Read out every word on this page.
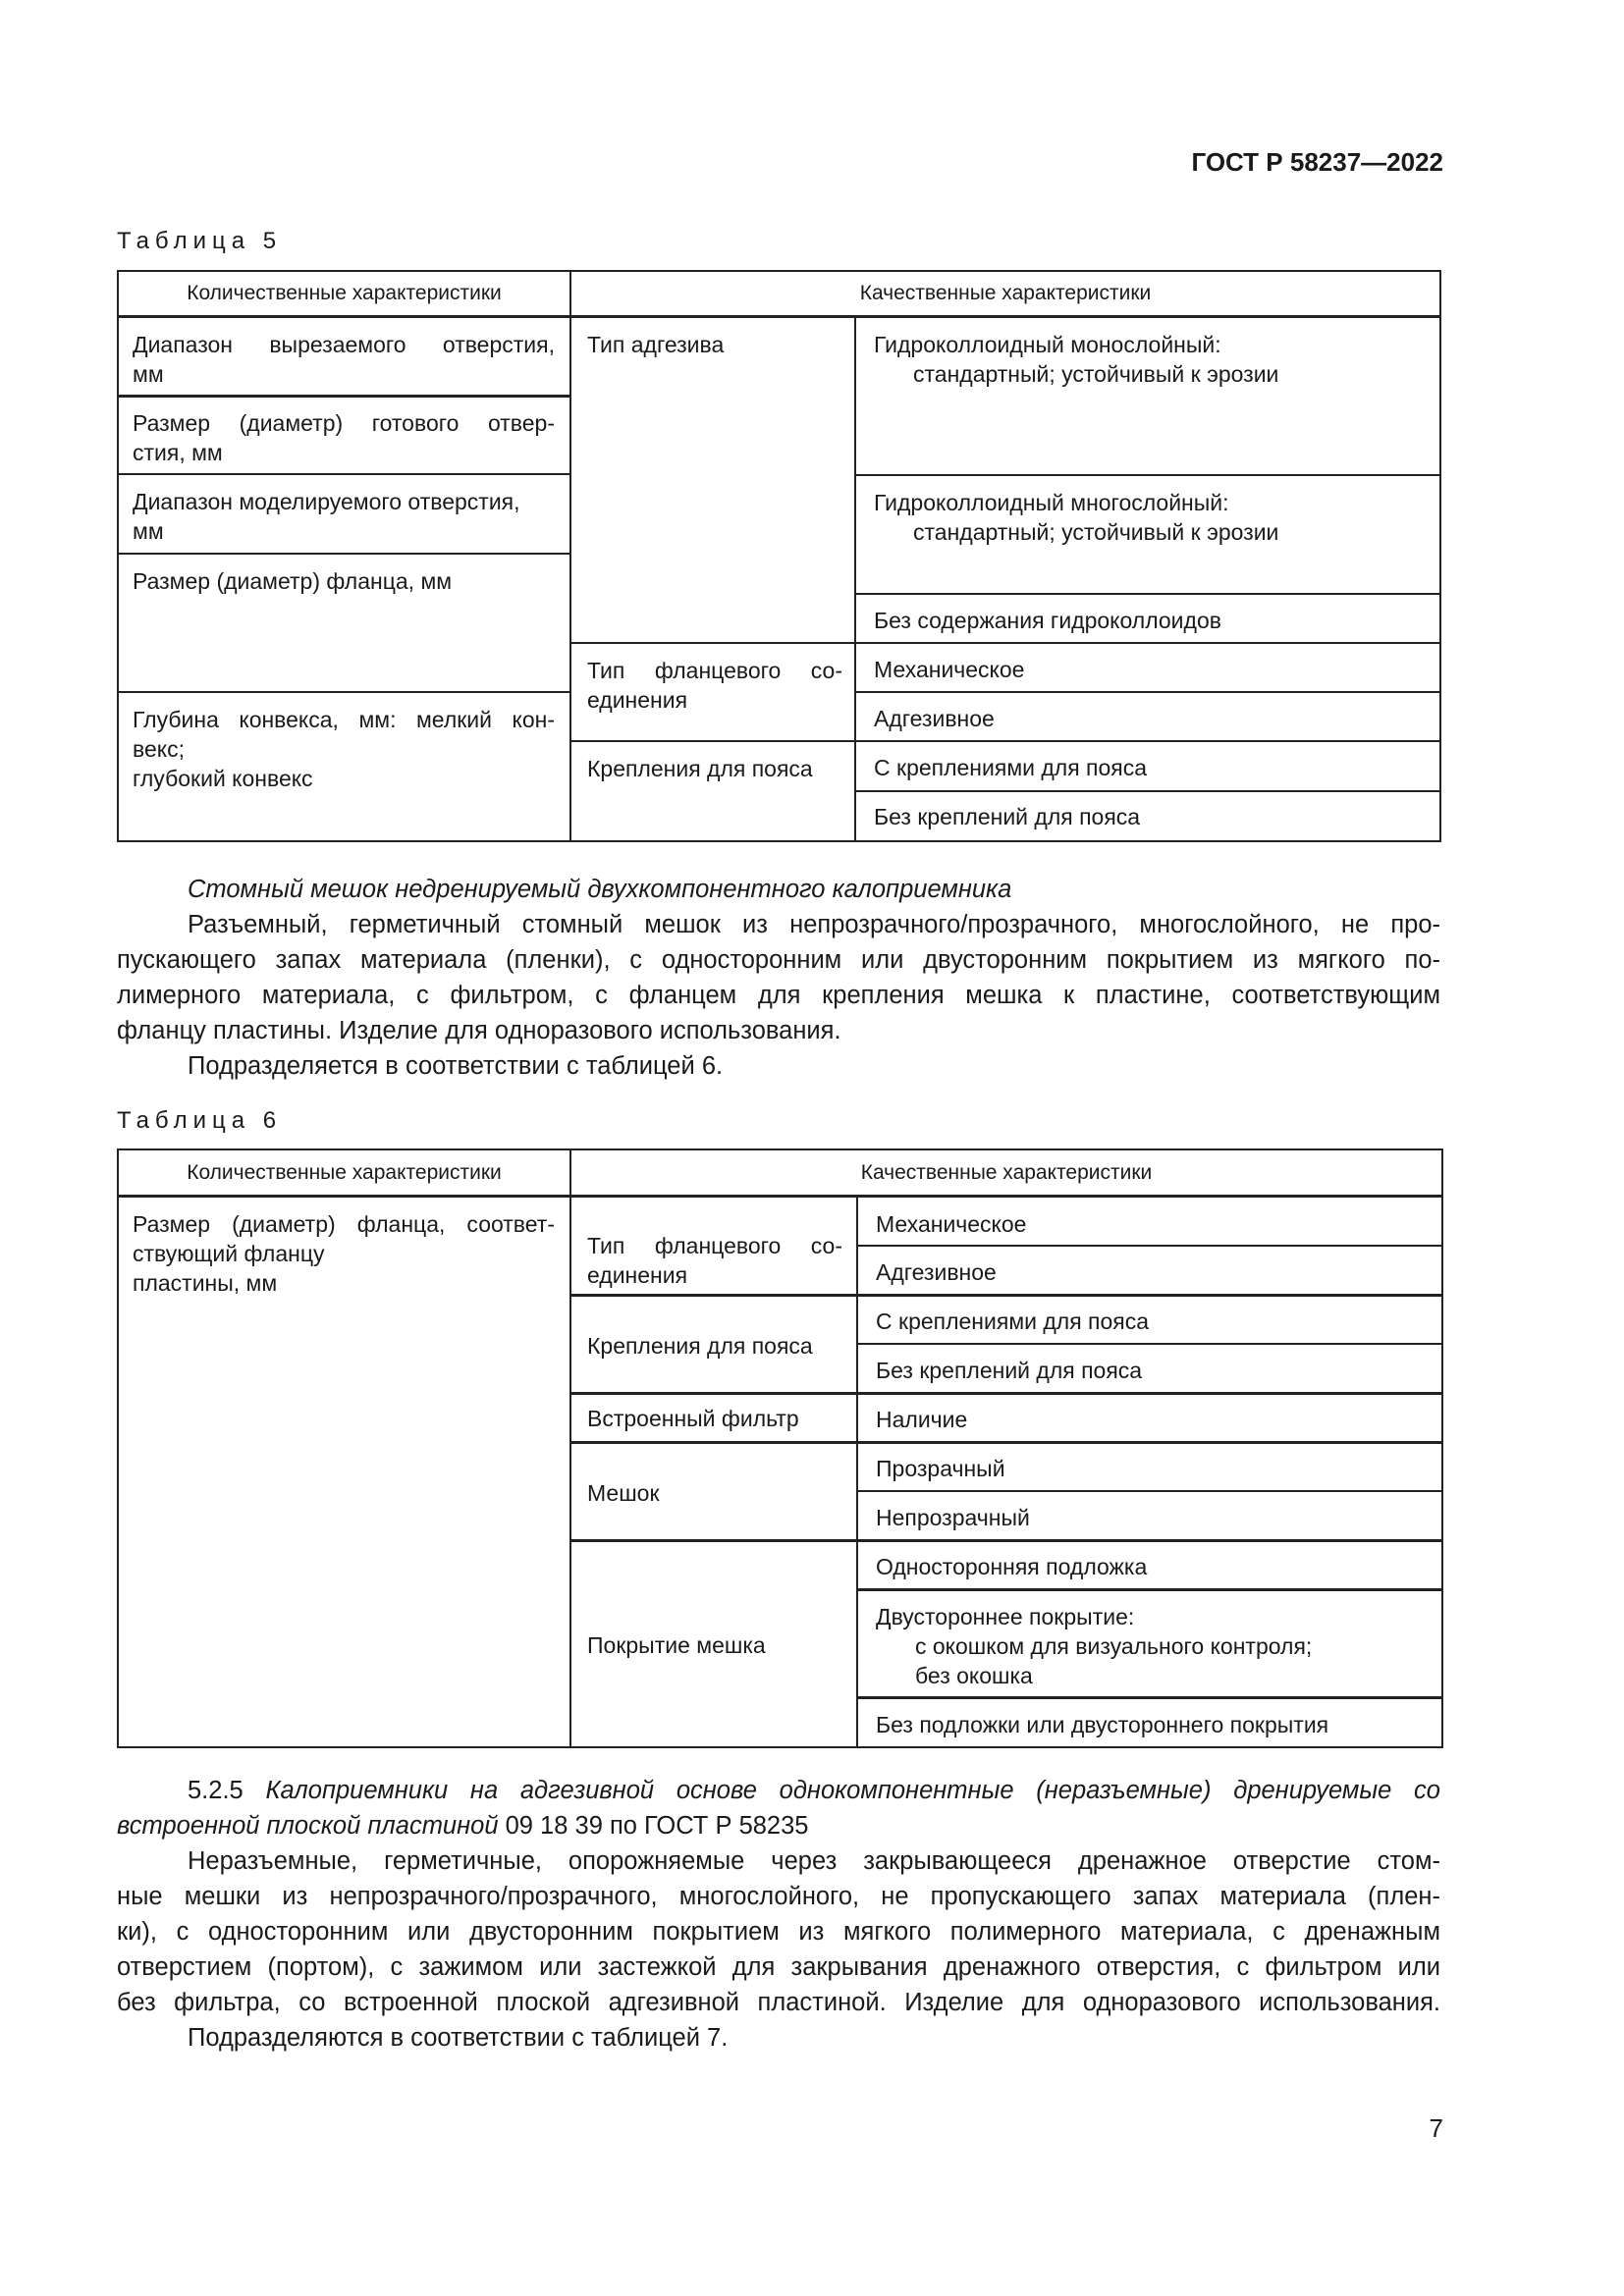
ГОСТ Р 58237—2022
Таблица 5
Количественные характеристики	Качественные характеристики
Диапазон вырезаемого отверстия,
мм
Размер (диаметр) готового отвер-
стия, мм
Диапазон моделируемого отверстия,
мм
Размер (диаметр) фланца, мм
Глубина конвекса, мм: мелкий кон-
векс;
глубокий конвекс
Тип адгезива
Тип фланцевого со-
единения
Крепления для пояса
Гидроколлоидный монослойный:
стандартный; устойчивый к эрозии
Гидроколлоидный многослойный:
стандартный; устойчивый к эрозии
Без содержания гидроколлоидов
Механическое
Адгезивное
С креплениями для пояса
Без креплений для пояса
Стомный мешок недренируемый двухкомпонентного калоприемника
Разъемный, герметичный стомный мешок из непрозрачного/прозрачного, многослойного, не про-
пускающего запах материала (пленки), с односторонним или двусторонним покрытием из мягкого по-
лимерного материала, с фильтром, с фланцем для крепления мешка к пластине, соответствующим
фланцу пластины. Изделие для одноразового использования.
Подразделяется в соответствии с таблицей 6.
Таблица 6
Количественные характеристики	Качественные характеристики
Размер (диаметр) фланца, соответ-
ствующий фланцу
пластины, мм
Тип фланцевого со-
единения
Крепления для пояса
Встроенный фильтр
Мешок
Покрытие мешка
Механическое
Адгезивное
С креплениями для пояса
Без креплений для пояса
Наличие
Прозрачный
Непрозрачный
Односторонняя подложка
Двустороннее покрытие:
с окошком для визуального контроля;
без окошка
Без подложки или двустороннего покрытия
5.2.5 Калоприемники на адгезивной основе однокомпонентные (неразъемные) дренируемые со
встроенной плоской пластиной 09 18 39 по ГОСТ Р 58235
Неразъемные, герметичные, опорожняемые через закрывающееся дренажное отверстие стом-
ные мешки из непрозрачного/прозрачного, многослойного, не пропускающего запах материала (плен-
ки), с односторонним или двусторонним покрытием из мягкого полимерного материала, с дренажным
отверстием (портом), с зажимом или застежкой для закрывания дренажного отверстия, с фильтром или
без фильтра, со встроенной плоской адгезивной пластиной. Изделие для одноразового использования.
Подразделяются в соответствии с таблицей 7.
7
